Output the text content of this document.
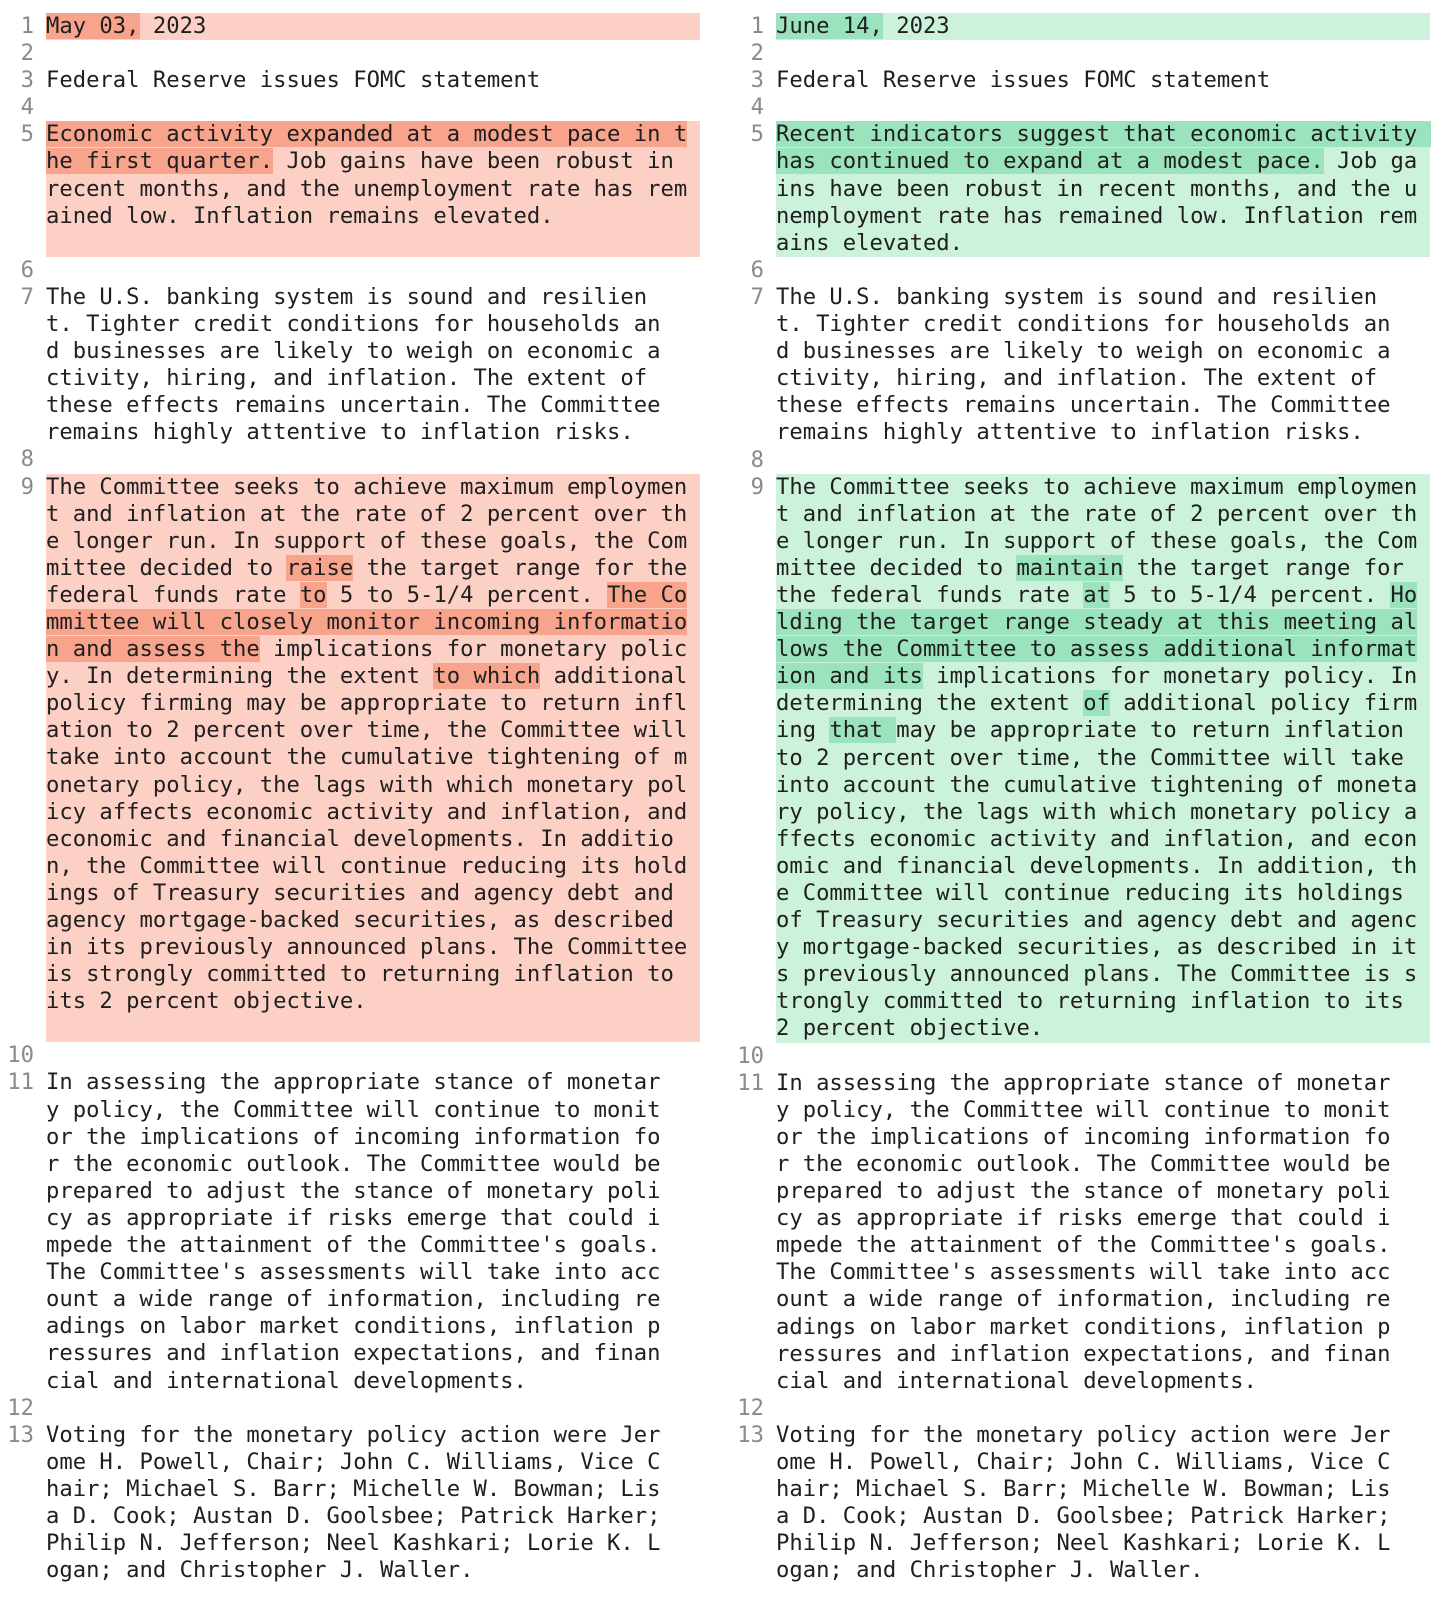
1 May 03, 2023
2

3 Federal Reserve issues FOMC statement
4

5 Economic activity expanded at a modest pace in the first quarter. Job gains have been robust in recent months, and the unemployment rate has remained low. Inflation remains elevated.
6

7 The U.S. banking system is sound and resilient. Tighter credit conditions for households and businesses are likely to weigh on economic activity, hiring, and inflation. The extent of these effects remains uncertain. The Committee remains highly attentive to inflation risks.
8

9 The Committee seeks to achieve maximum employment and inflation at the rate of 2 percent over the longer run. In support of these goals, the Committee decided to raise the target range for the federal funds rate to 5 to 5-1/4 percent. The Committee will closely monitor incoming information and assess the implications for monetary policy. In determining the extent to which additional policy firming may be appropriate to return inflation to 2 percent over time, the Committee will take into account the cumulative tightening of monetary policy, the lags with which monetary policy affects economic activity and inflation, and economic and financial developments. In addition, the Committee will continue reducing its holdings of Treasury securities and agency debt and agency mortgage-backed securities, as described in its previously announced plans. The Committee is strongly committed to returning inflation to its 2 percent objective.
10

11 In assessing the appropriate stance of monetary policy, the Committee will continue to monitor the implications of incoming information for the economic outlook. The Committee would be prepared to adjust the stance of monetary policy as appropriate if risks emerge that could impede the attainment of the Committee's goals. The Committee's assessments will take into account a wide range of information, including readings on labor market conditions, inflation pressures and inflation expectations, and financial and international developments.
12

13 Voting for the monetary policy action were Jerome H. Powell, Chair; John C. Williams, Vice Chair; Michael S. Barr; Michelle W. Bowman; Lisa D. Cook; Austan D. Goolsbee; Patrick Harker; Philip N. Jefferson; Neel Kashkari; Lorie K. Logan; and Christopher J. Waller.
1 June 14, 2023
2

3 Federal Reserve issues FOMC statement
4

5 Recent indicators suggest that economic activity has continued to expand at a modest pace. Job gains have been robust in recent months, and the unemployment rate has remained low. Inflation remains elevated.
6

7 The U.S. banking system is sound and resilient. Tighter credit conditions for households and businesses are likely to weigh on economic activity, hiring, and inflation. The extent of these effects remains uncertain. The Committee remains highly attentive to inflation risks.
8

9 The Committee seeks to achieve maximum employment and inflation at the rate of 2 percent over the longer run. In support of these goals, the Committee decided to maintain the target range for the federal funds rate at 5 to 5-1/4 percent. Holding the target range steady at this meeting allows the Committee to assess additional information and its implications for monetary policy. In determining the extent of additional policy firming that may be appropriate to return inflation to 2 percent over time, the Committee will take into account the cumulative tightening of monetary policy, the lags with which monetary policy affects economic activity and inflation, and economic and financial developments. In addition, the Committee will continue reducing its holdings of Treasury securities and agency debt and agency mortgage-backed securities, as described in its previously announced plans. The Committee is strongly committed to returning inflation to its 2 percent objective.
10

11 In assessing the appropriate stance of monetary policy, the Committee will continue to monitor the implications of incoming information for the economic outlook. The Committee would be prepared to adjust the stance of monetary policy as appropriate if risks emerge that could impede the attainment of the Committee's goals. The Committee's assessments will take into account a wide range of information, including readings on labor market conditions, inflation pressures and inflation expectations, and financial and international developments.
12

13 Voting for the monetary policy action were Jerome H. Powell, Chair; John C. Williams, Vice Chair; Michael S. Barr; Michelle W. Bowman; Lisa D. Cook; Austan D. Goolsbee; Patrick Harker; Philip N. Jefferson; Neel Kashkari; Lorie K. Logan; and Christopher J. Waller.
